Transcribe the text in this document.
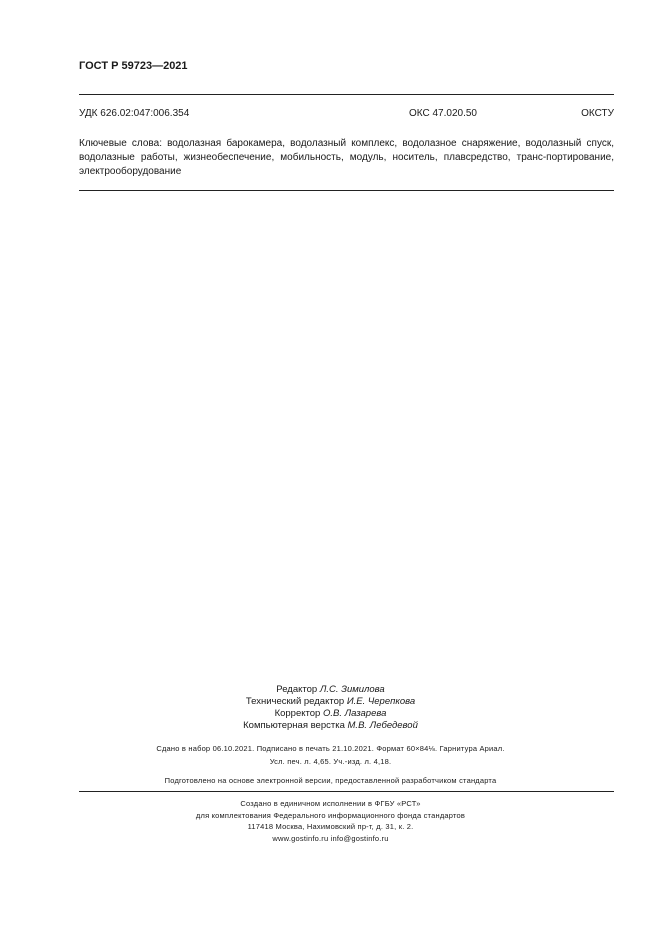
ГОСТ Р 59723—2021
УДК 626.02:047:006.354	ОКС 47.020.50	ОКСТУ
Ключевые слова: водолазная барокамера, водолазный комплекс, водолазное снаряжение, водолазный спуск, водолазные работы, жизнеобеспечение, мобильность, модуль, носитель, плавсредство, транс-портирование, электрооборудование
Редактор Л.С. Зимилова
Технический редактор И.Е. Черепкова
Корректор О.В. Лазарева
Компьютерная верстка М.В. Лебедевой
Сдано в набор 06.10.2021. Подписано в печать 21.10.2021. Формат 60×84⅛. Гарнитура Ариал.
Усл. печ. л. 4,65. Уч.-изд. л. 4,18.
Подготовлено на основе электронной версии, предоставленной разработчиком стандарта
Создано в единичном исполнении в ФГБУ «РСТ»
для комплектования Федерального информационного фонда стандартов
117418 Москва, Нахимовский пр-т, д. 31, к. 2.
www.gostinfo.ru info@gostinfo.ru
